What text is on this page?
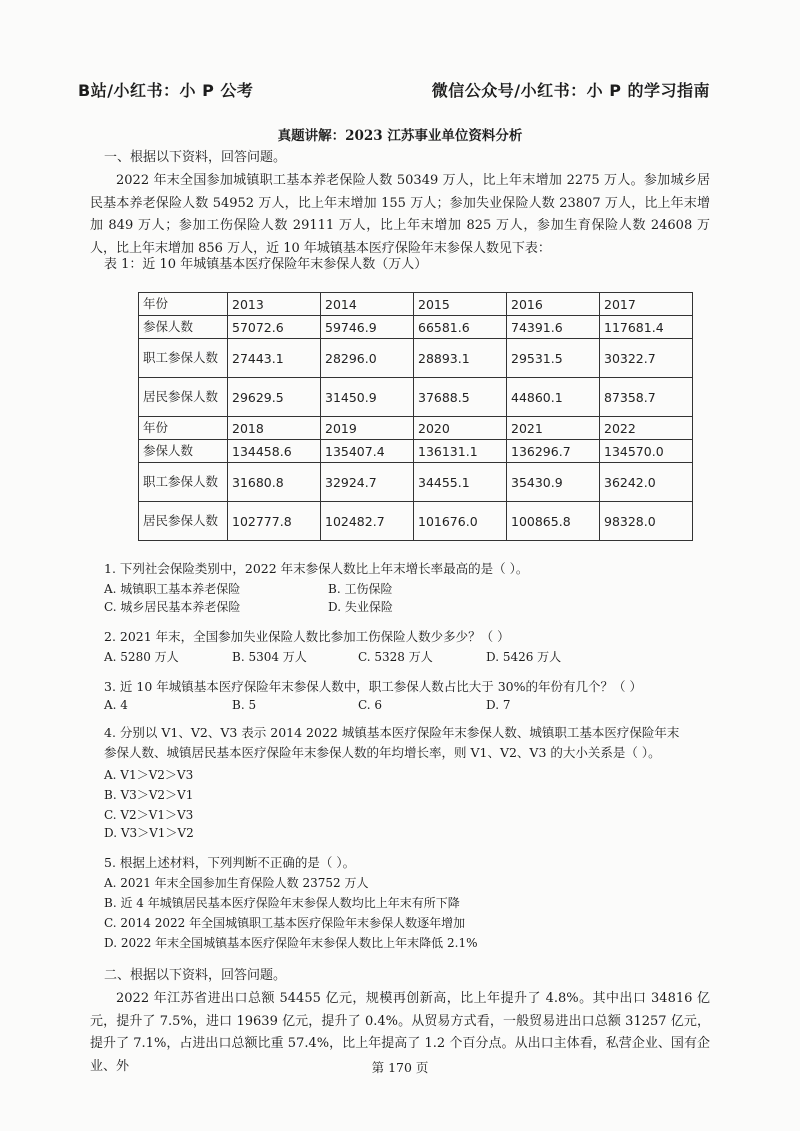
B站/小红书：小 P 公考	微信公众号/小红书：小 P 的学习指南
真题讲解：2023 江苏事业单位资料分析
一、根据以下资料，回答问题。
2022 年末全国参加城镇职工基本养老保险人数 50349 万人，比上年末增加 2275 万人。参加城乡居民基本养老保险人数 54952 万人，比上年末增加 155 万人；参加失业保险人数 23807 万人，比上年末增加 849 万人；参加工伤保险人数 29111 万人，比上年末增加 825 万人，参加生育保险人数 24608 万人，比上年末增加 856 万人，近 10 年城镇基本医疗保险年末参保人数见下表：
表 1：近 10 年城镇基本医疗保险年末参保人数（万人）
年份	2013	2014	2015	2016	2017
参保人数	57072.6	59746.9	66581.6	74391.6	117681.4
职工参保人数	27443.1	28296.0	28893.1	29531.5	30322.7
居民参保人数	29629.5	31450.9	37688.5	44860.1	87358.7
年份	2018	2019	2020	2021	2022
参保人数	134458.6	135407.4	136131.1	136296.7	134570.0
职工参保人数	31680.8	32924.7	34455.1	35430.9	36242.0
居民参保人数	102777.8	102482.7	101676.0	100865.8	98328.0
1. 下列社会保险类别中，2022 年末参保人数比上年末增长率最高的是（ ）。
A. 城镇职工基本养老保险	B. 工伤保险
C. 城乡居民基本养老保险	D. 失业保险
2. 2021 年末，全国参加失业保险人数比参加工伤保险人数少多少？（ ）
A. 5280 万人	B. 5304 万人	C. 5328 万人	D. 5426 万人
3. 近 10 年城镇基本医疗保险年末参保人数中，职工参保人数占比大于 30%的年份有几个？（ ）
A. 4	B. 5	C. 6	D. 7
4. 分别以 V1、V2、V3 表示 2014 2022 城镇基本医疗保险年末参保人数、城镇职工基本医疗保险年末
参保人数、城镇居民基本医疗保险年末参保人数的年均增长率，则 V1、V2、V3 的大小关系是（ ）。
A. V1＞V2＞V3
B. V3＞V2＞V1
C. V2＞V1＞V3
D. V3＞V1＞V2
5. 根据上述材料，下列判断不正确的是（ ）。
A. 2021 年末全国参加生育保险人数 23752 万人
B. 近 4 年城镇居民基本医疗保险年末参保人数均比上年末有所下降
C. 2014 2022 年全国城镇职工基本医疗保险年末参保人数逐年增加
D. 2022 年末全国城镇基本医疗保险年末参保人数比上年末降低 2.1%
二、根据以下资料，回答问题。
2022 年江苏省进出口总额 54455 亿元，规模再创新高，比上年提升了 4.8%。其中出口 34816 亿元，提升了 7.5%，进口 19639 亿元，提升了 0.4%。从贸易方式看，一般贸易进出口总额 31257 亿元，提升了 7.1%，占进出口总额比重 57.4%，比上年提高了 1.2 个百分点。从出口主体看，私营企业、国有企业、外	第 170 页
